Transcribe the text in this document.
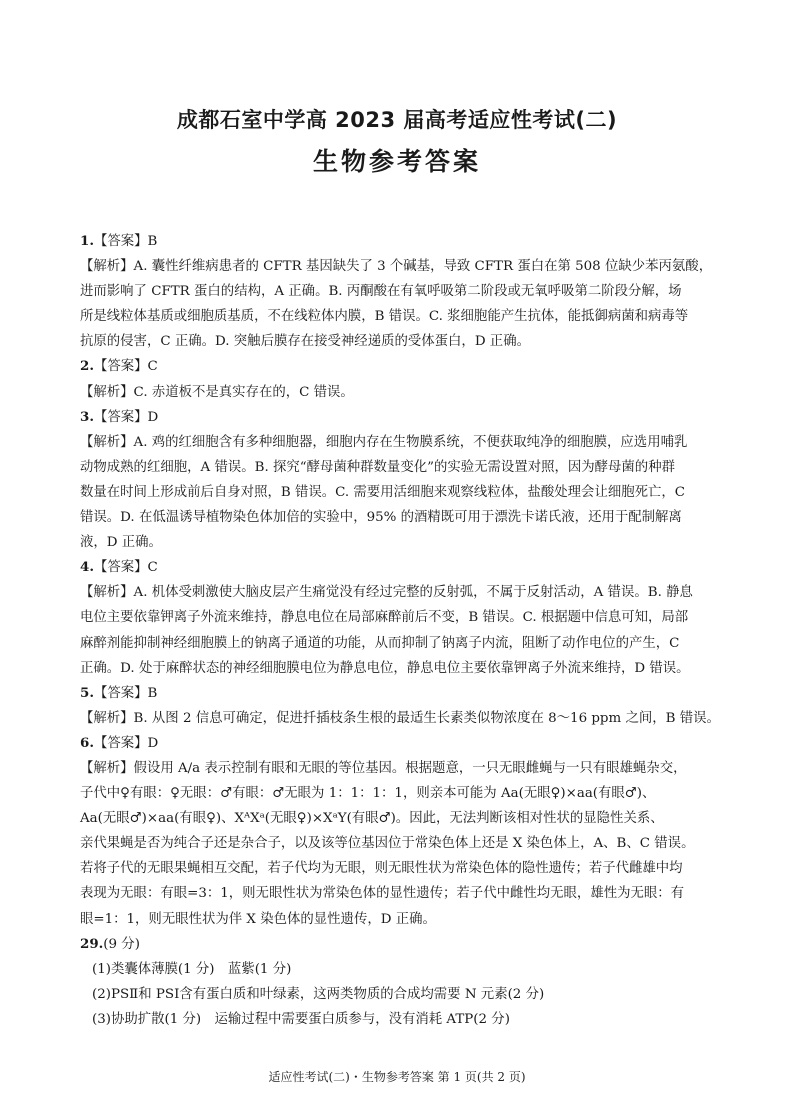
成都石室中学高 2023 届高考适应性考试(二)
生物参考答案
1.【答案】B
【解析】A. 囊性纤维病患者的 CFTR 基因缺失了 3 个碱基，导致 CFTR 蛋白在第 508 位缺少苯丙氨酸，
进而影响了 CFTR 蛋白的结构，A 正确。B. 丙酮酸在有氧呼吸第二阶段或无氧呼吸第二阶段分解，场
所是线粒体基质或细胞质基质，不在线粒体内膜，B 错误。C. 浆细胞能产生抗体，能抵御病菌和病毒等
抗原的侵害，C 正确。D. 突触后膜存在接受神经递质的受体蛋白，D 正确。
2.【答案】C
【解析】C. 赤道板不是真实存在的，C 错误。
3.【答案】D
【解析】A. 鸡的红细胞含有多种细胞器，细胞内存在生物膜系统，不便获取纯净的细胞膜，应选用哺乳
动物成熟的红细胞，A 错误。B. 探究“酵母菌种群数量变化”的实验无需设置对照，因为酵母菌的种群
数量在时间上形成前后自身对照，B 错误。C. 需要用活细胞来观察线粒体，盐酸处理会让细胞死亡，C
错误。D. 在低温诱导植物染色体加倍的实验中，95% 的酒精既可用于漂洗卡诺氏液，还用于配制解离
液，D 正确。
4.【答案】C
【解析】A. 机体受刺激使大脑皮层产生痛觉没有经过完整的反射弧，不属于反射活动，A 错误。B. 静息
电位主要依靠钾离子外流来维持，静息电位在局部麻醉前后不变，B 错误。C. 根据题中信息可知，局部
麻醉剂能抑制神经细胞膜上的钠离子通道的功能，从而抑制了钠离子内流，阻断了动作电位的产生，C
正确。D. 处于麻醉状态的神经细胞膜电位为静息电位，静息电位主要依靠钾离子外流来维持，D 错误。
5.【答案】B
【解析】B. 从图 2 信息可确定，促进扦插枝条生根的最适生长素类似物浓度在 8～16 ppm 之间，B 错误。
6.【答案】D
【解析】假设用 A/a 表示控制有眼和无眼的等位基因。根据题意，一只无眼雌蝇与一只有眼雄蝇杂交，
子代中♀有眼：♀无眼：♂有眼：♂无眼为 1：1：1：1，则亲本可能为 Aa(无眼♀)×aa(有眼♂)、
Aa(无眼♂)×aa(有眼♀)、XᴬXᵃ(无眼♀)×XᵃY(有眼♂)。因此，无法判断该相对性状的显隐性关系、
亲代果蝇是否为纯合子还是杂合子，以及该等位基因位于常染色体上还是 X 染色体上，A、B、C 错误。
若将子代的无眼果蝇相互交配，若子代均为无眼，则无眼性状为常染色体的隐性遗传；若子代雌雄中均
表现为无眼：有眼=3：1，则无眼性状为常染色体的显性遗传；若子代中雌性均无眼，雄性为无眼：有
眼=1：1，则无眼性状为伴 X 染色体的显性遗传，D 正确。
29.(9 分)
(1)类囊体薄膜(1 分)　蓝紫(1 分)
(2)PSⅡ和 PSⅠ含有蛋白质和叶绿素，这两类物质的合成均需要 N 元素(2 分)
(3)协助扩散(1 分)　运输过程中需要蛋白质参与，没有消耗 ATP(2 分)
适应性考试(二)・生物参考答案 第 1 页(共 2 页)
